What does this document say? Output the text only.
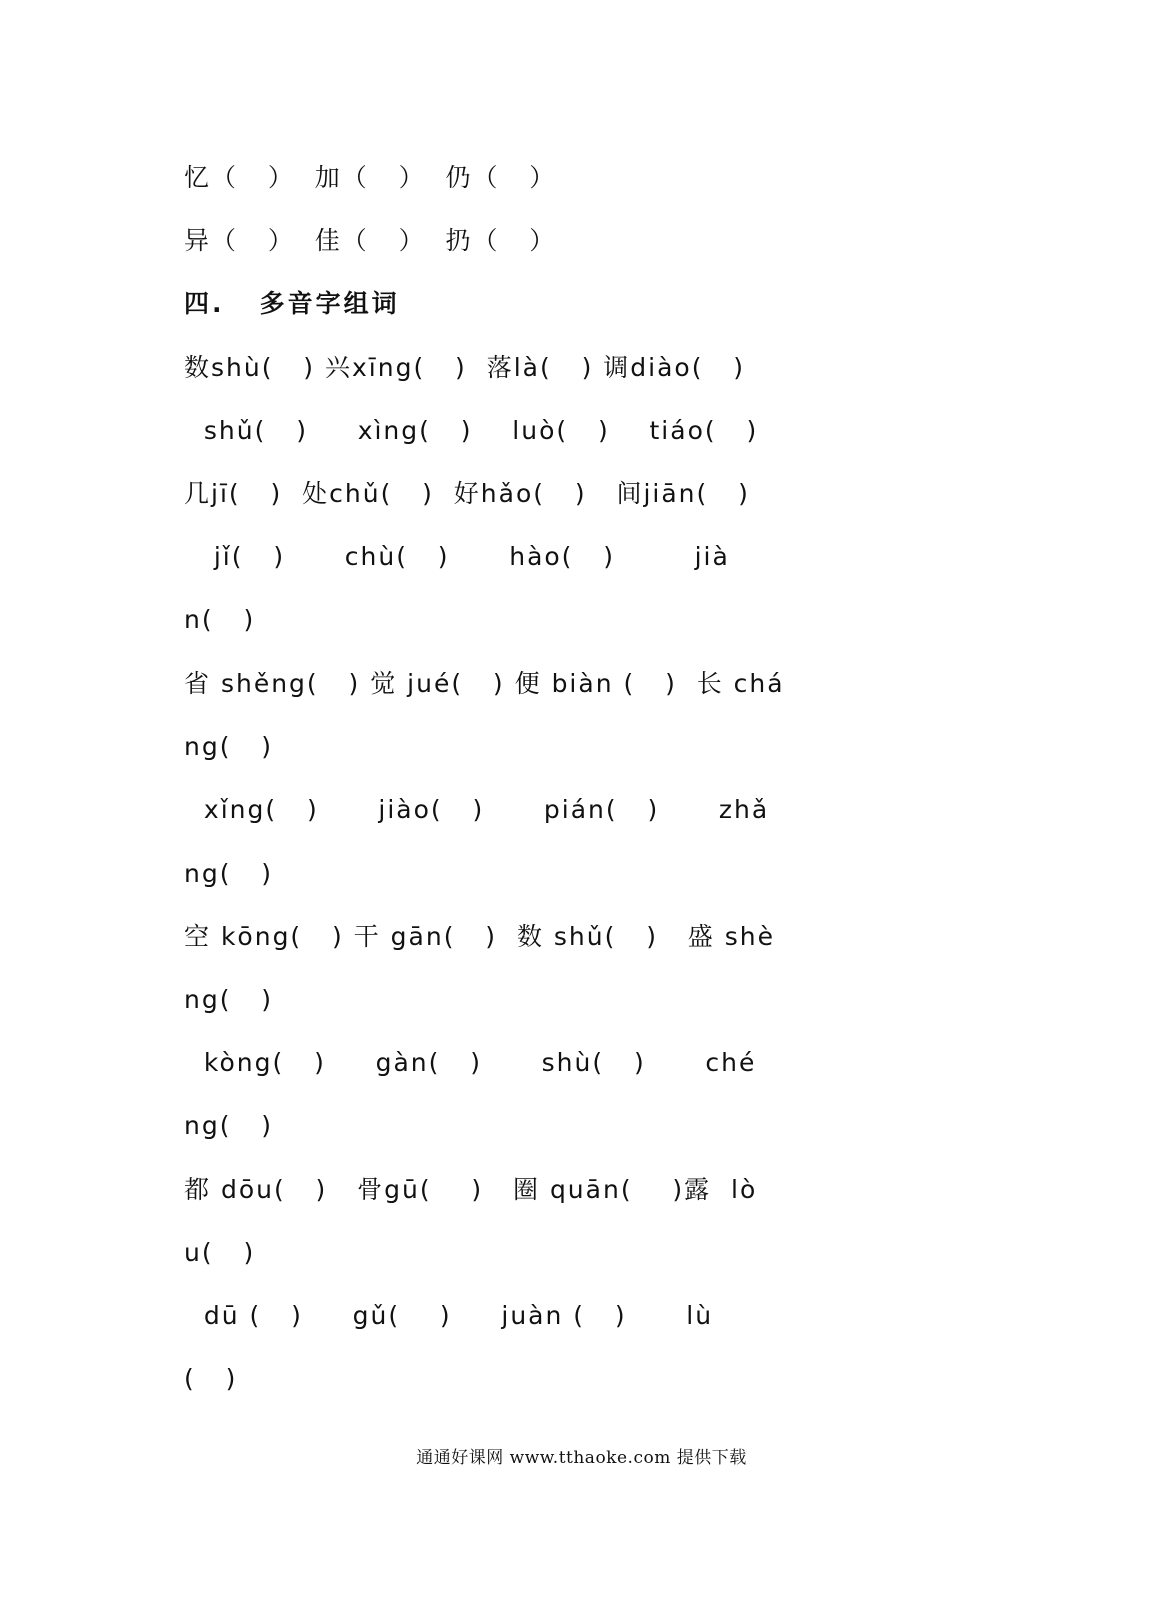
忆（   ）  加（   ）  仍（   ）
异（   ）  佳（   ）  扔（   ）
四.   多音字组词
数shù(   ) 兴xīng(   )  落là(   ) 调diào(   )
shǔ(   )     xìng(   )    luò(   )    tiáo(   )
几jī(   )  处chǔ(   )  好hǎo(   )   间jiān(   )
jǐ(   )      chù(   )      hào(   )        jià
n(   )
省 shěng(   ) 觉 jué(   ) 便 biàn (   )  长 chá
ng(   )
xǐng(   )      jiào(   )      pián(   )      zhǎ
ng(   )
空 kōng(   ) 干 gān(   )  数 shǔ(   )   盛 shè
ng(   )
kòng(   )     gàn(   )      shù(   )      ché
ng(   )
都 dōu(   )   骨gū(    )   圈 quān(    )露  lò
u(   )
dū (   )     gǔ(    )     juàn (   )      lù
(   )
通通好课网 www.tthaoke.com 提供下载
